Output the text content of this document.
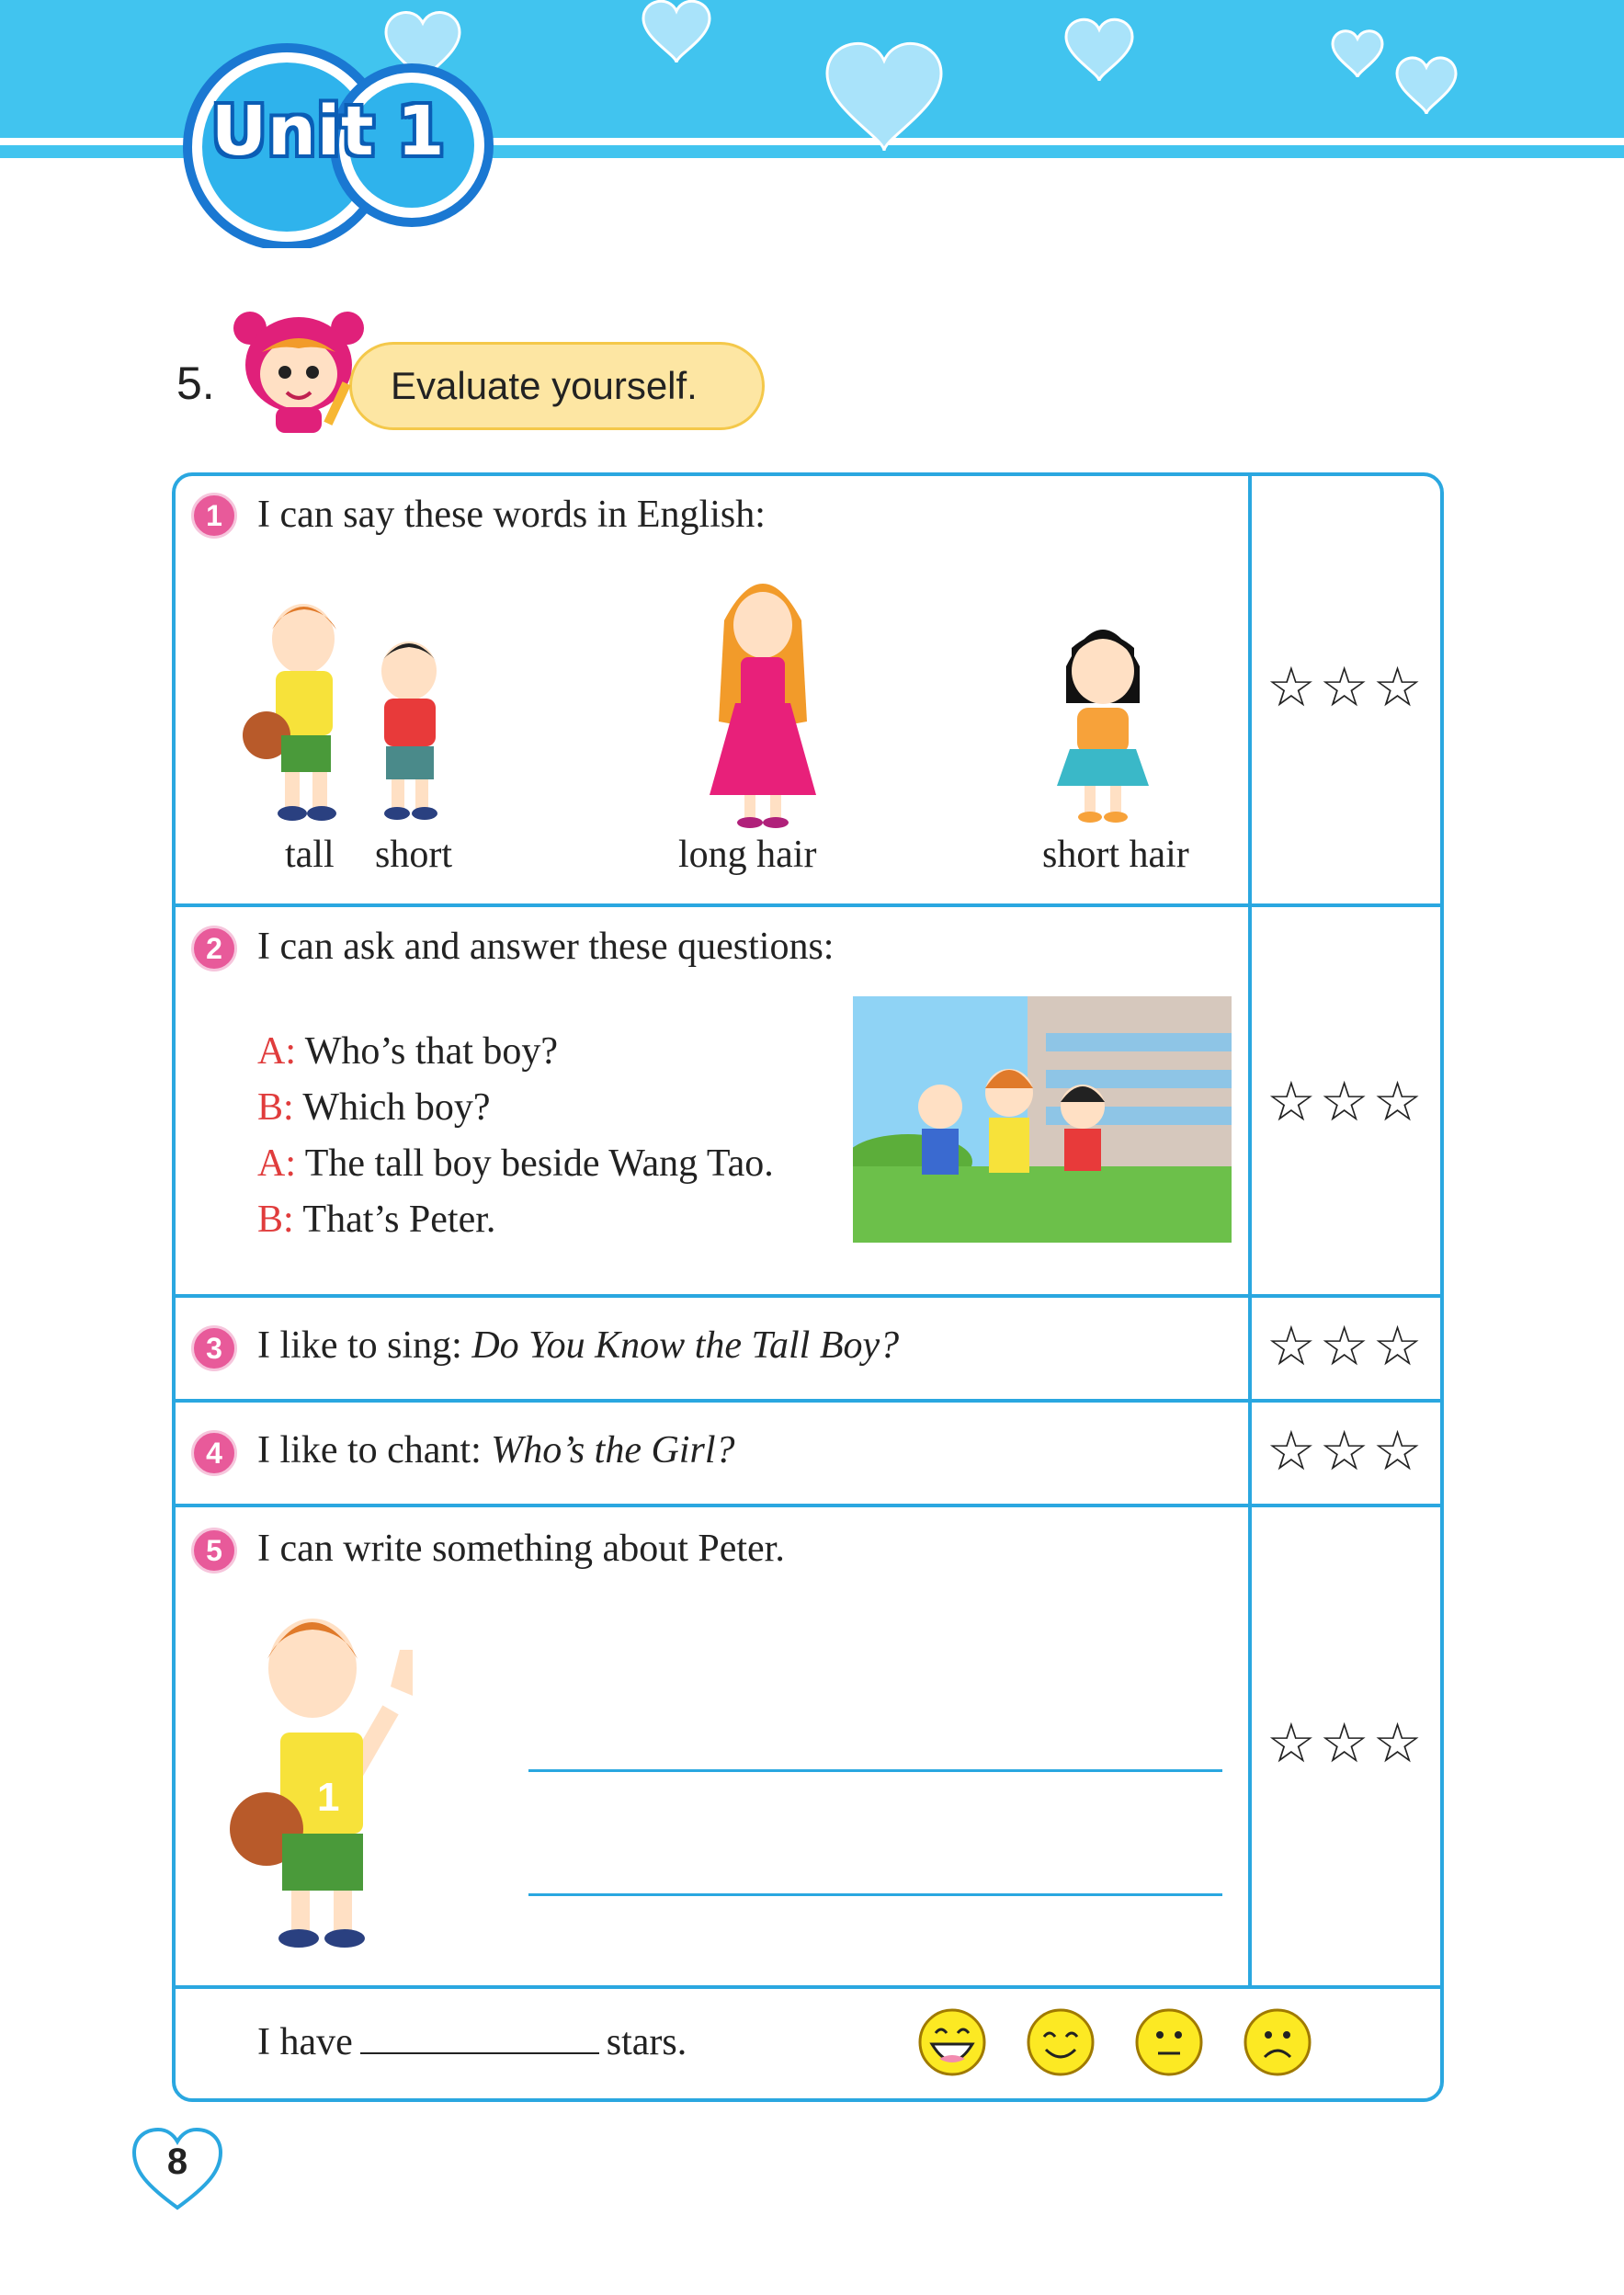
Unit 1
5.	Evaluate yourself.
1 I can say these words in English:
tall short	long hair	short hair
☆☆☆
2 I can ask and answer these questions:
A: Who’s that boy?
B: Which boy?
A: The tall boy beside Wang Tao.
B: That’s Peter.
☆☆☆
3 I like to sing: Do You Know the Tall Boy?	☆☆☆
4 I like to chant: Who’s the Girl?	☆☆☆
5 I can write something about Peter.
1
☆☆☆
I have	stars.
8
